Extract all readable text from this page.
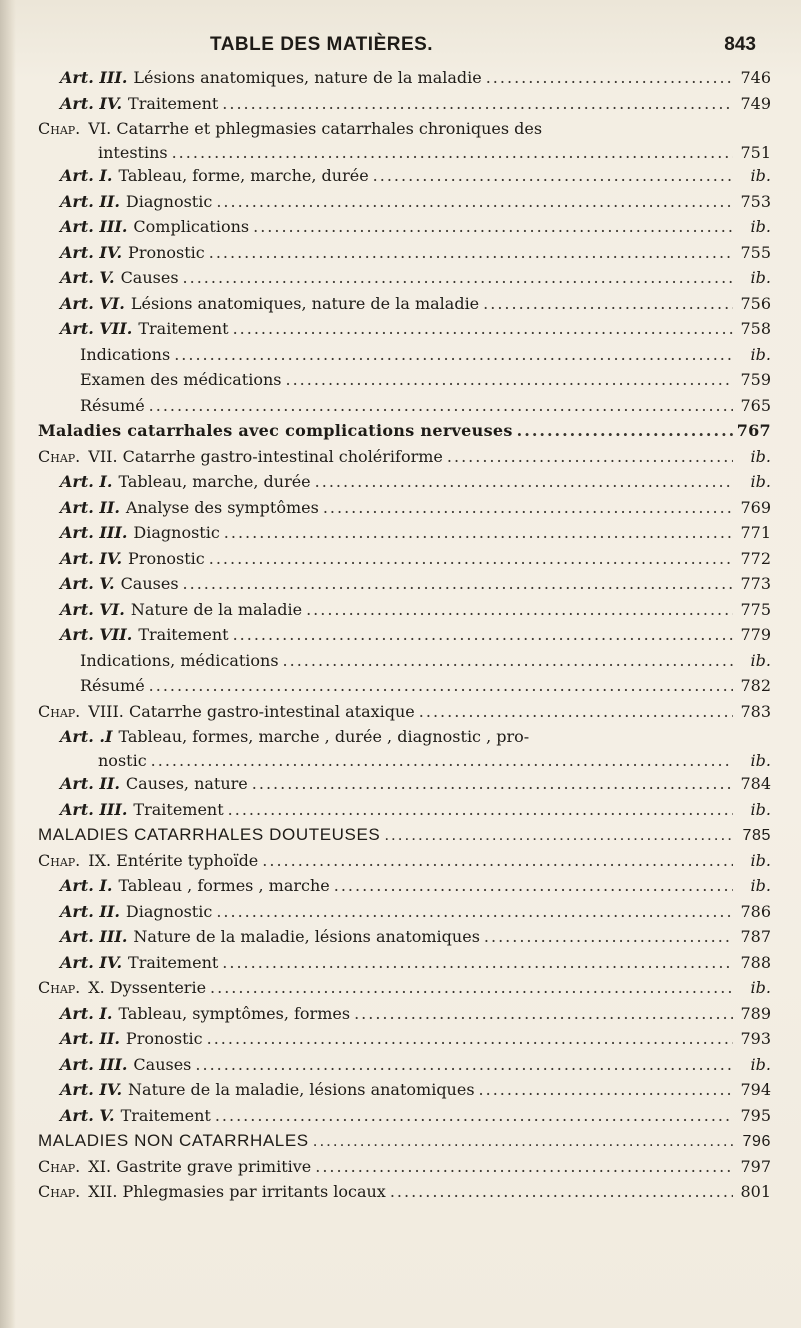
TABLE DES MATIÈRES.	843
Art. III. Lésions anatomiques, nature de la maladie .....	746
Art. IV. Traitement .....	749
Chap. VI. Catarrhe et phlegmasies catarrhales chroniques des
intestins .....	751
Art. I. Tableau, forme, marche, durée .....	ib.
Art. II. Diagnostic .....	753
Art. III. Complications .....	ib.
Art. IV. Pronostic .....	755
Art. V. Causes .....	ib.
Art. VI. Lésions anatomiques, nature de la maladie .....	756
Art. VII. Traitement .....	758
Indications .....	ib.
Examen des médications .....	759
Résumé .....	765
Maladies catarrhales avec complications nerveuses .....	767
Chap. VII. Catarrhe gastro-intestinal cholériforme .....	ib.
Art. I. Tableau, marche, durée .....	ib.
Art. II. Analyse des symptômes .....	769
Art. III. Diagnostic .....	771
Art. IV. Pronostic .....	772
Art. V. Causes .....	773
Art. VI. Nature de la maladie .....	775
Art. VII. Traitement .....	779
Indications, médications .....	ib.
Résumé .....	782
Chap. VIII. Catarrhe gastro-intestinal ataxique .....	783
Art. .I Tableau, formes, marche , durée , diagnostic , pro-
nostic .....	ib.
Art. II. Causes, nature .....	784
Art. III. Traitement .....	ib.
MALADIES CATARRHALES DOUTEUSES .....	785
Chap. IX. Entérite typhoïde .....	ib.
Art. I. Tableau , formes , marche .....	ib.
Art. II. Diagnostic .....	786
Art. III. Nature de la maladie, lésions anatomiques .....	787
Art. IV. Traitement .....	788
Chap. X. Dyssenterie .....	ib.
Art. I. Tableau, symptômes, formes .....	789
Art. II. Pronostic .....	793
Art. III. Causes .....	ib.
Art. IV. Nature de la maladie, lésions anatomiques .....	794
Art. V. Traitement .....	795
MALADIES NON CATARRHALES .....	796
Chap. XI. Gastrite grave primitive .....	797
Chap. XII. Phlegmasies par irritants locaux .....	801
